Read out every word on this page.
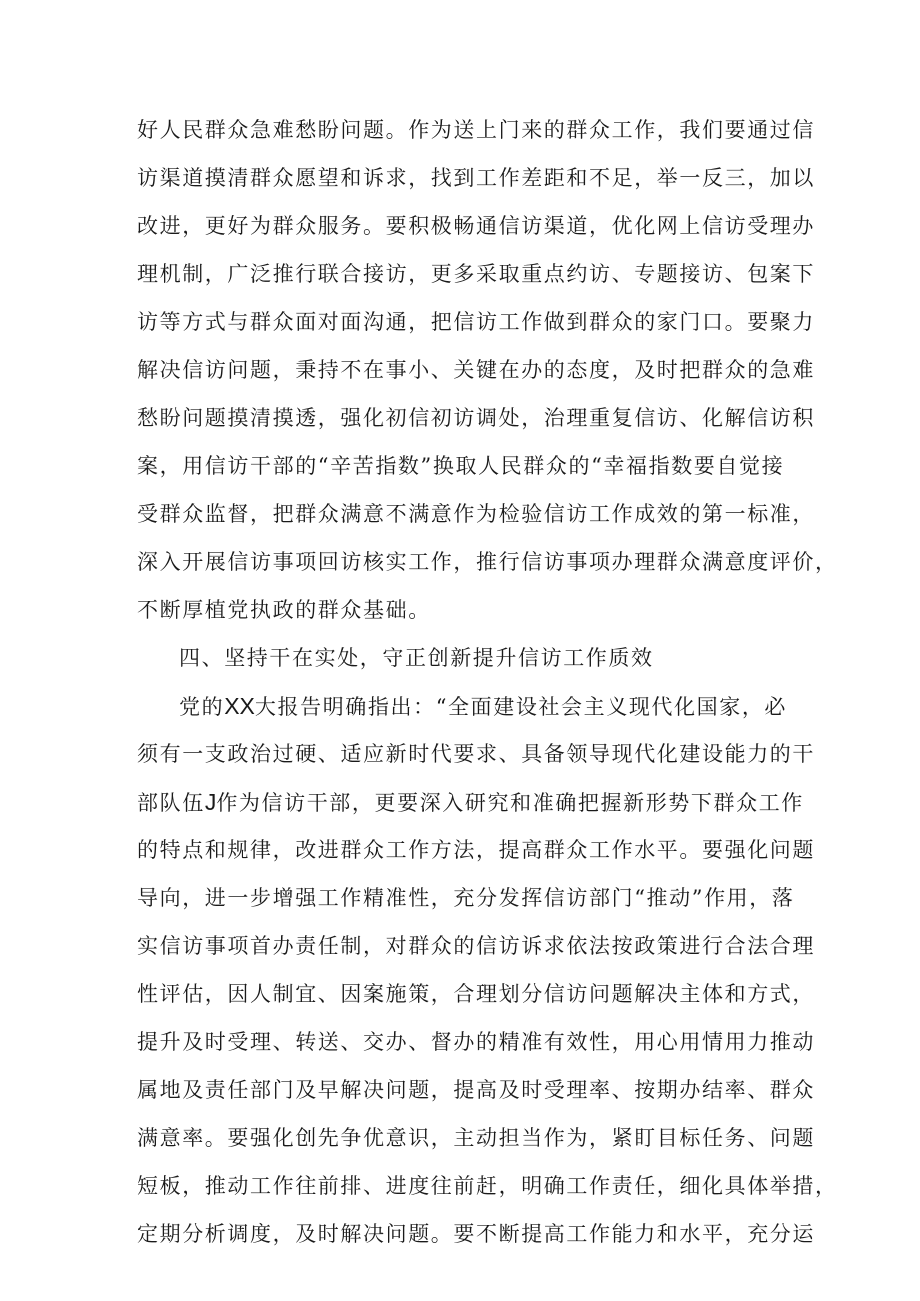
好人民群众急难愁盼问题。作为送上门来的群众工作，我们要通过信
访渠道摸清群众愿望和诉求，找到工作差距和不足，举一反三，加以
改进，更好为群众服务。要积极畅通信访渠道，优化网上信访受理办
理机制，广泛推行联合接访，更多采取重点约访、专题接访、包案下
访等方式与群众面对面沟通，把信访工作做到群众的家门口。要聚力
解决信访问题，秉持不在事小、关键在办的态度，及时把群众的急难
愁盼问题摸清摸透，强化初信初访调处，治理重复信访、化解信访积
案，用信访干部的“辛苦指数”换取人民群众的“幸福指数要自觉接
受群众监督，把群众满意不满意作为检验信访工作成效的第一标准，
深入开展信访事项回访核实工作，推行信访事项办理群众满意度评价，
不断厚植党执政的群众基础。
四、坚持干在实处，守正创新提升信访工作质效
党的XX大报告明确指出：“全面建设社会主义现代化国家，必
须有一支政治过硬、适应新时代要求、具备领导现代化建设能力的干
部队伍J作为信访干部，更要深入研究和准确把握新形势下群众工作
的特点和规律，改进群众工作方法，提高群众工作水平。要强化问题
导向，进一步增强工作精准性，充分发挥信访部门“推动”作用，落
实信访事项首办责任制，对群众的信访诉求依法按政策进行合法合理
性评估，因人制宜、因案施策，合理划分信访问题解决主体和方式，
提升及时受理、转送、交办、督办的精准有效性，用心用情用力推动
属地及责任部门及早解决问题，提高及时受理率、按期办结率、群众
满意率。要强化创先争优意识，主动担当作为，紧盯目标任务、问题
短板，推动工作往前排、进度往前赶，明确工作责任，细化具体举措，
定期分析调度，及时解决问题。要不断提高工作能力和水平，充分运
